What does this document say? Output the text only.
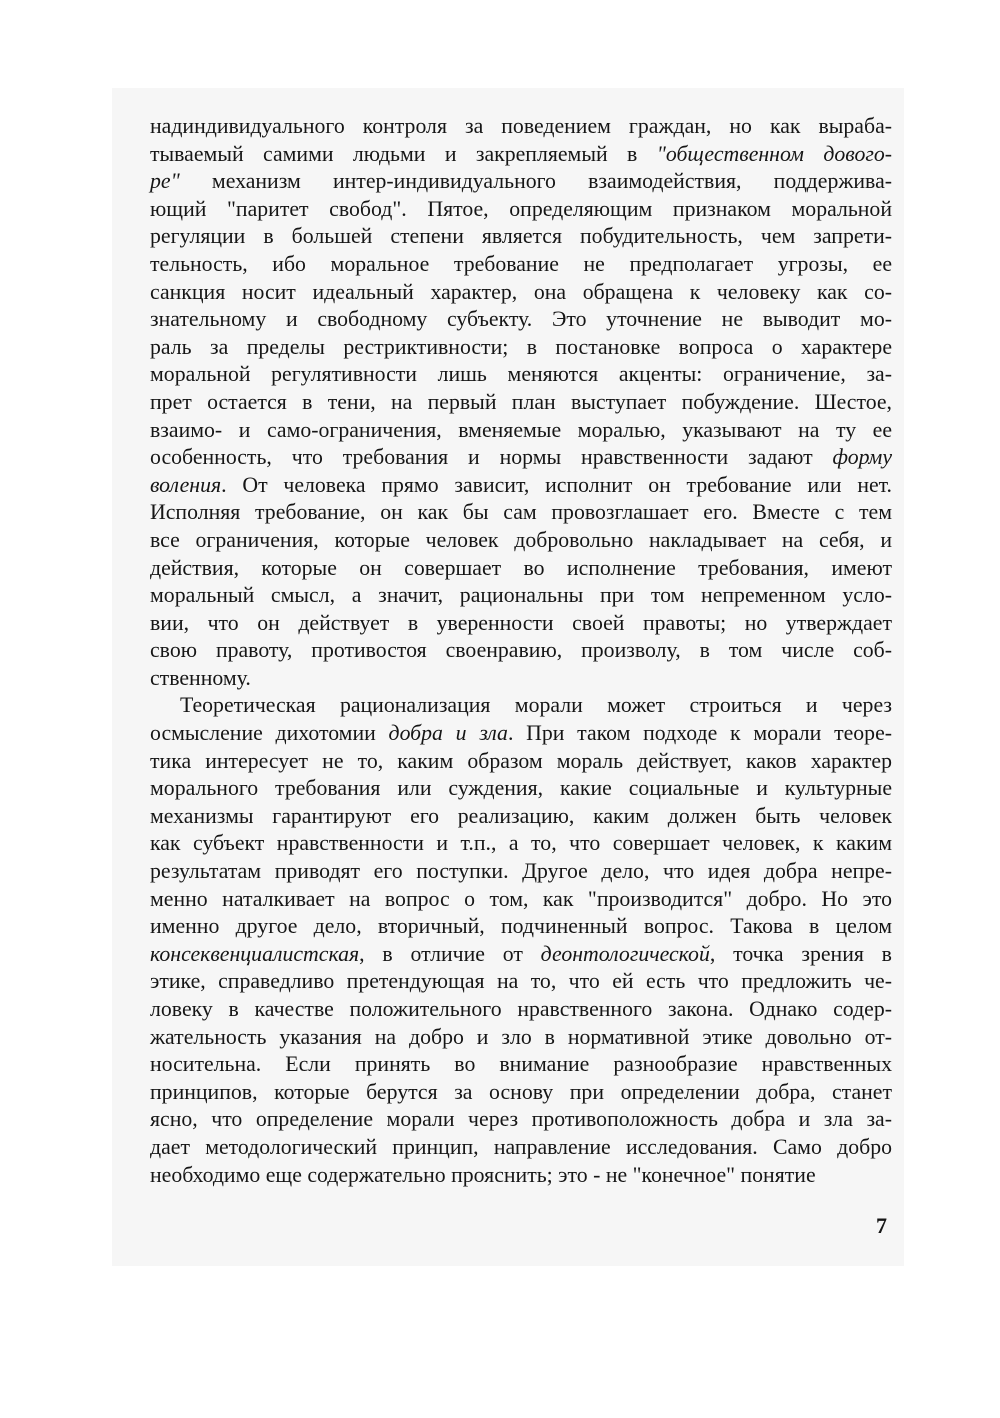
надиндивидуального контроля за поведением граждан, но как выраба-
тываемый самими людьми и закрепляемый в "общественном дового-
ре" механизм интер-индивидуального взаимодействия, поддержива-
ющий "паритет свобод". Пятое, определяющим признаком моральной
регуляции в большей степени является побудительность, чем запрети-
тельность, ибо моральное требование не предполагает угрозы, ее
санкция носит идеальный характер, она обращена к человеку как со-
знательному и свободному субъекту. Это уточнение не выводит мо-
раль за пределы рестриктивности; в постановке вопроса о характере
моральной регулятивности лишь меняются акценты: ограничение, за-
прет остается в тени, на первый план выступает побуждение. Шестое,
взаимо- и само-ограничения, вменяемые моралью, указывают на ту ее
особенность, что требования и нормы нравственности задают форму
воления. От человека прямо зависит, исполнит он требование или нет.
Исполняя требование, он как бы сам провозглашает его. Вместе с тем
все ограничения, которые человек добровольно накладывает на себя, и
действия, которые он совершает во исполнение требования, имеют
моральный смысл, а значит, рациональны при том непременном усло-
вии, что он действует в уверенности своей правоты; но утверждает
свою правоту, противостоя своенравию, произволу, в том числе соб-
ственному.
Теоретическая рационализация морали может строиться и через
осмысление дихотомии добра и зла. При таком подходе к морали теоре-
тика интересует не то, каким образом мораль действует, каков характер
морального требования или суждения, какие социальные и культурные
механизмы гарантируют его реализацию, каким должен быть человек
как субъект нравственности и т.п., а то, что совершает человек, к каким
результатам приводят его поступки. Другое дело, что идея добра непре-
менно наталкивает на вопрос о том, как "производится" добро. Но это
именно другое дело, вторичный, подчиненный вопрос. Такова в целом
консеквенциалистская, в отличие от деонтологической, точка зрения в
этике, справедливо претендующая на то, что ей есть что предложить че-
ловеку в качестве положительного нравственного закона. Однако содер-
жательность указания на добро и зло в нормативной этике довольно от-
носительна. Если принять во внимание разнообразие нравственных
принципов, которые берутся за основу при определении добра, станет
ясно, что определение морали через противоположность добра и зла за-
дает методологический принцип, направление исследования. Само добро
необходимо еще содержательно прояснить; это - не "конечное" понятие
7
